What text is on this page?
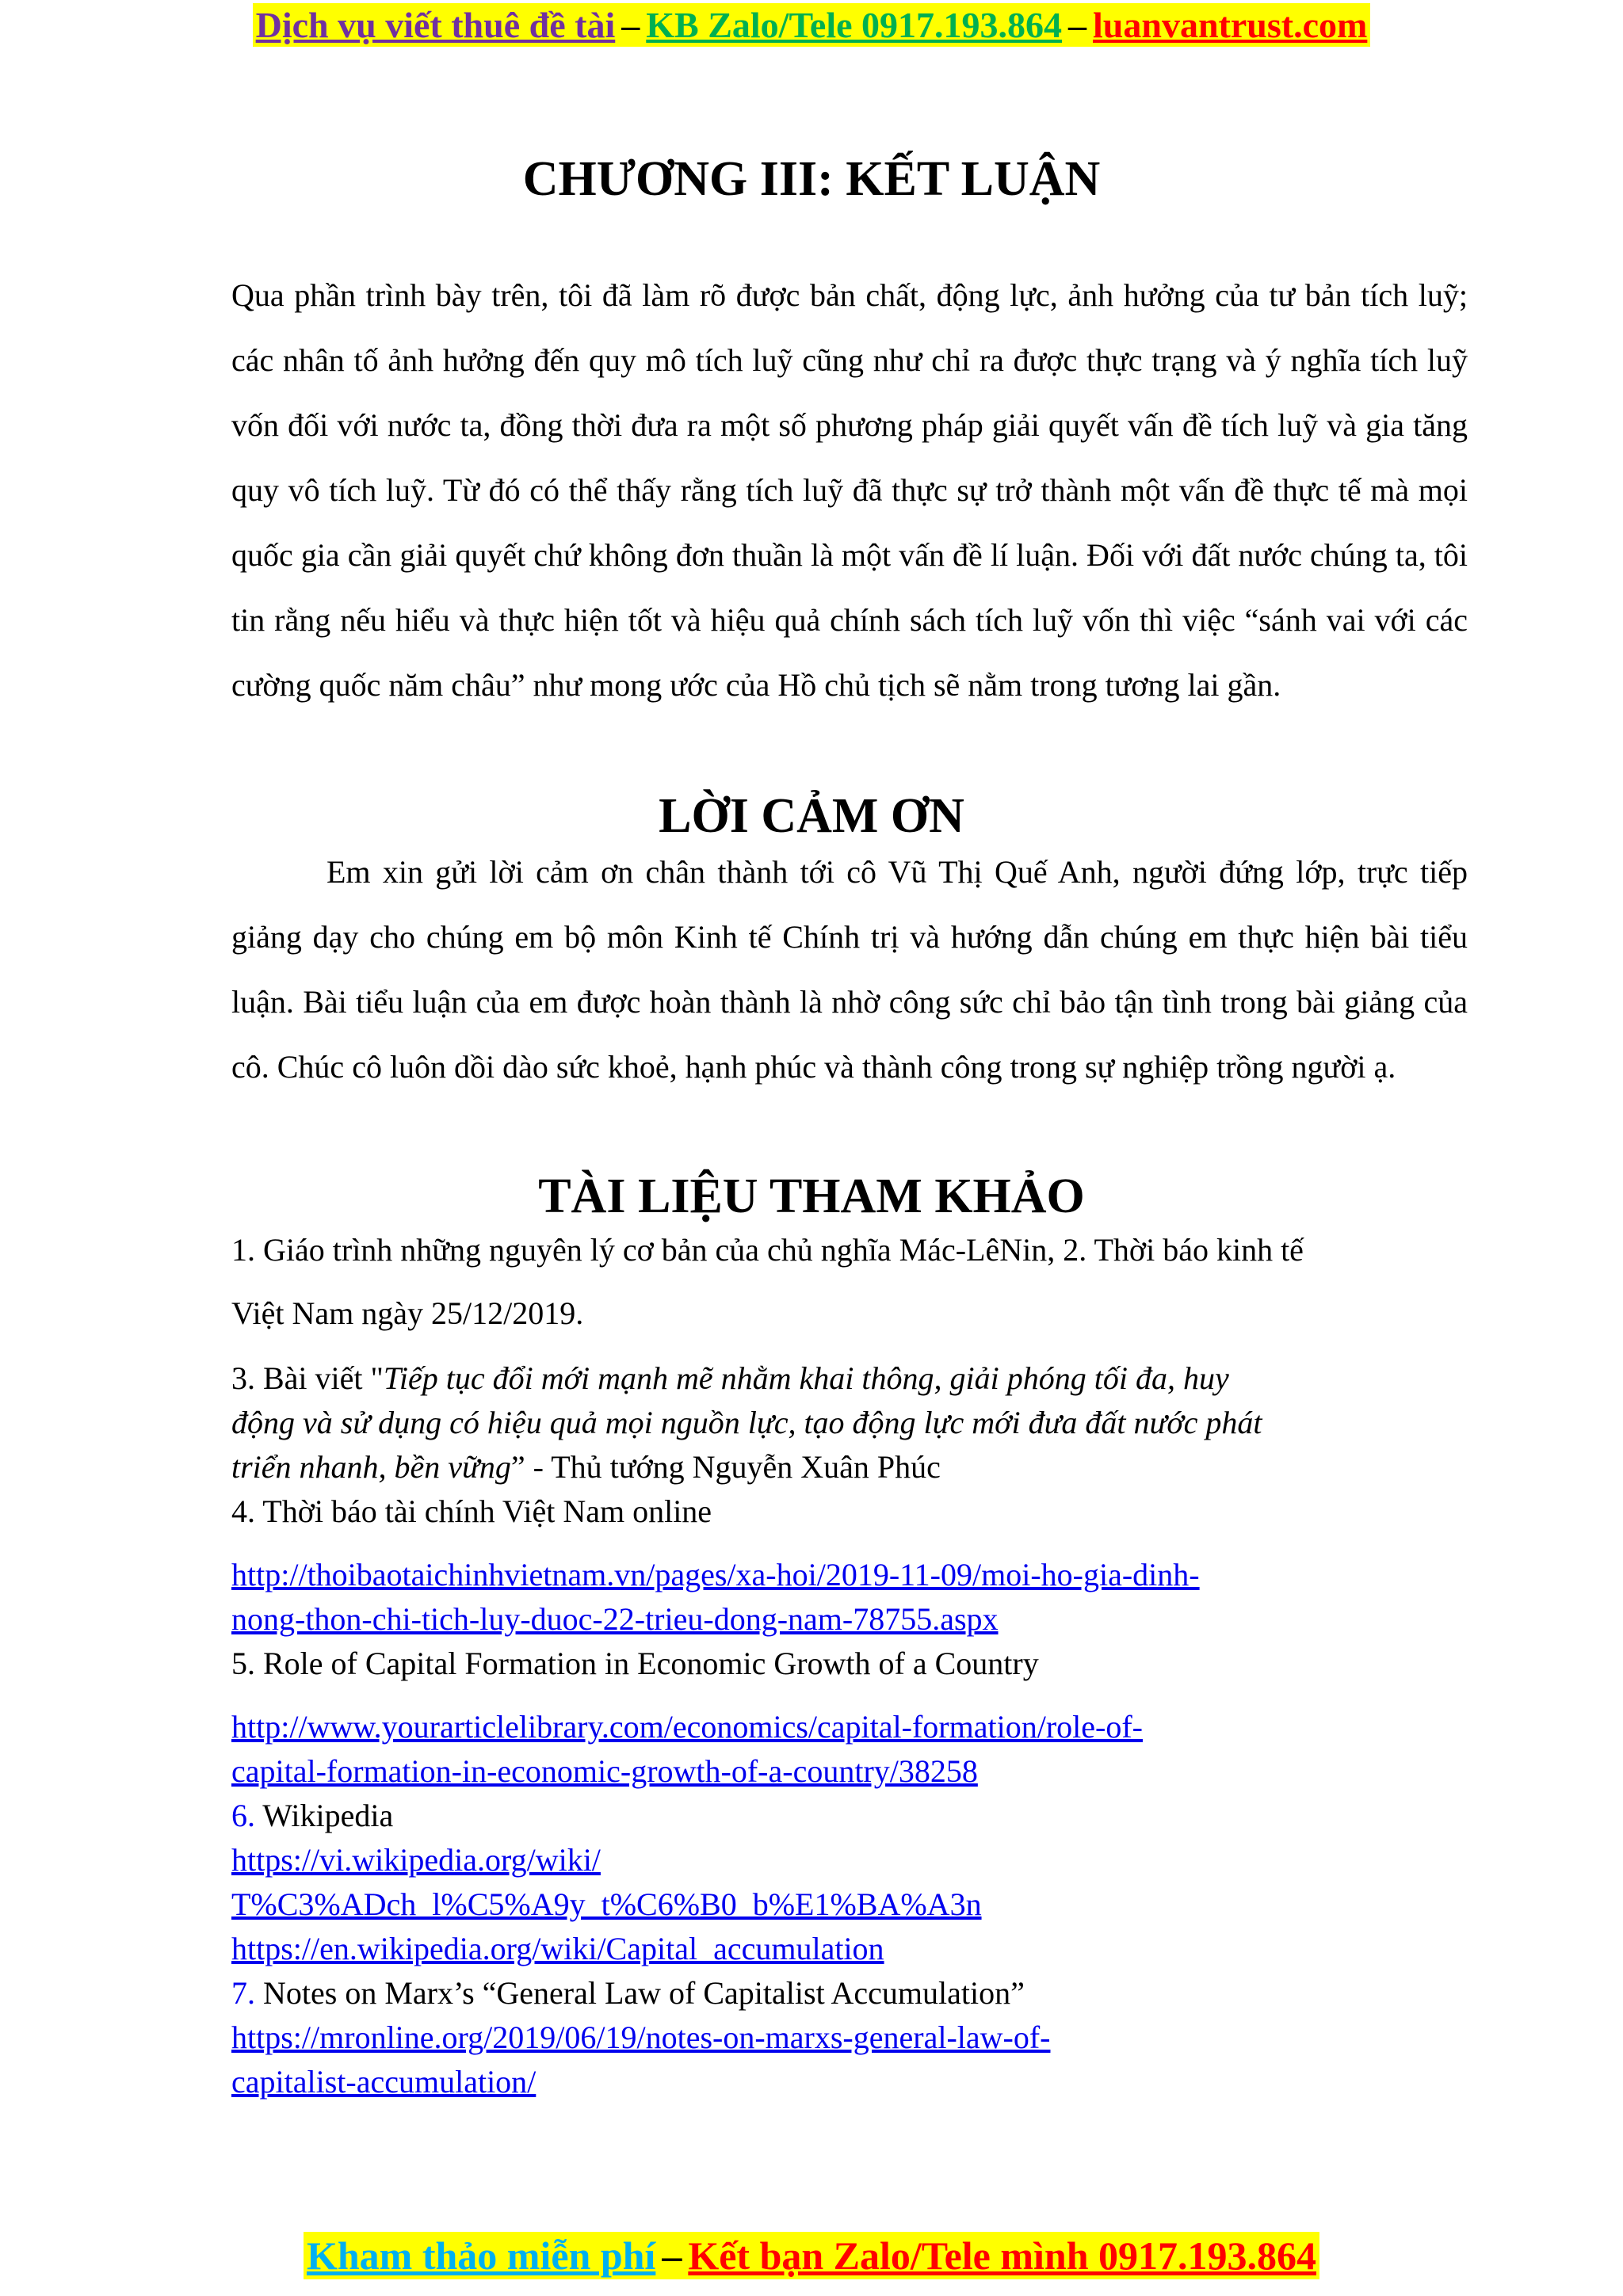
Dịch vụ viết thuê đề tài – KB Zalo/Tele 0917.193.864 – luanvantrust.com
CHƯƠNG III: KẾT LUẬN
Qua phần trình bày trên, tôi đã làm rõ được bản chất, động lực, ảnh hưởng của tư bản tích luỹ; các nhân tố ảnh hưởng đến quy mô tích luỹ cũng như chỉ ra được thực trạng và ý nghĩa tích luỹ vốn đối với nước ta, đồng thời đưa ra một số phương pháp giải quyết vấn đề tích luỹ và gia tăng quy vô tích luỹ. Từ đó có thể thấy rằng tích luỹ đã thực sự trở thành một vấn đề thực tế mà mọi quốc gia cần giải quyết chứ không đơn thuần là một vấn đề lí luận. Đối với đất nước chúng ta, tôi tin rằng nếu hiểu và thực hiện tốt và hiệu quả chính sách tích luỹ vốn thì việc “sánh vai với các cường quốc năm châu” như mong ước của Hồ chủ tịch sẽ nằm trong tương lai gần.
LỜI CẢM ƠN
Em xin gửi lời cảm ơn chân thành tới cô Vũ Thị Quế Anh, người đứng lớp, trực tiếp giảng dạy cho chúng em bộ môn Kinh tế Chính trị và hướng dẫn chúng em thực hiện bài tiểu luận. Bài tiểu luận của em được hoàn thành là nhờ công sức chỉ bảo tận tình trong bài giảng của cô. Chúc cô luôn dồi dào sức khoẻ, hạnh phúc và thành công trong sự nghiệp trồng người ạ.
TÀI LIỆU THAM KHẢO
1. Giáo trình những nguyên lý cơ bản của chủ nghĩa Mác-LêNin, 2. Thời báo kinh tế
Việt Nam ngày 25/12/2019.
3. Bài viết "Tiếp tục đổi mới mạnh mẽ nhằm khai thông, giải phóng tối đa, huy
động và sử dụng có hiệu quả mọi nguồn lực, tạo động lực mới đưa đất nước phát
triển nhanh, bền vững” - Thủ tướng Nguyễn Xuân Phúc
4. Thời báo tài chính Việt Nam online
http://thoibaotaichinhvietnam.vn/pages/xa-hoi/2019-11-09/moi-ho-gia-dinh-
nong-thon-chi-tich-luy-duoc-22-trieu-dong-nam-78755.aspx
5. Role of Capital Formation in Economic Growth of a Country
http://www.yourarticlelibrary.com/economics/capital-formation/role-of-
capital-formation-in-economic-growth-of-a-country/38258
6. Wikipedia
https://vi.wikipedia.org/wiki/
T%C3%ADch_l%C5%A9y_t%C6%B0_b%E1%BA%A3n
https://en.wikipedia.org/wiki/Capital_accumulation
7. Notes on Marx’s “General Law of Capitalist Accumulation”
https://mronline.org/2019/06/19/notes-on-marxs-general-law-of-
capitalist-accumulation/
Kham thảo miễn phí – Kết bạn Zalo/Tele mình 0917.193.864
